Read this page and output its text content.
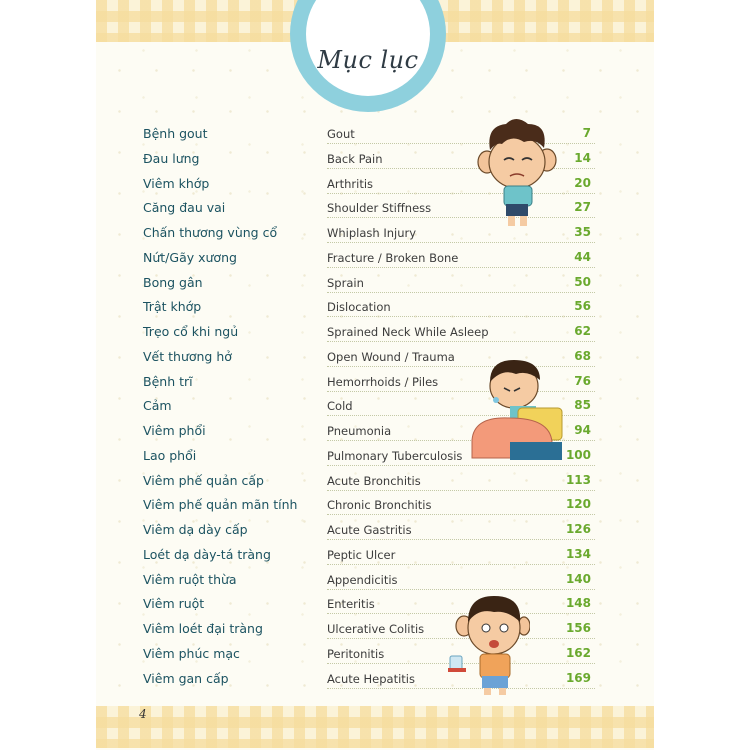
Mục lục
Bệnh gout	Gout	7
Đau lưng	Back Pain	14
Viêm khớp	Arthritis	20
Căng đau vai	Shoulder Stiffness	27
Chấn thương vùng cổ	Whiplash Injury	35
Nứt/Gãy xương	Fracture / Broken Bone	44
Bong gân	Sprain	50
Trật khớp	Dislocation	56
Trẹo cổ khi ngủ	Sprained Neck While Asleep	62
Vết thương hở	Open Wound / Trauma	68
Bệnh trĩ	Hemorrhoids / Piles	76
Cảm	Cold	85
Viêm phổi	Pneumonia	94
Lao phổi	Pulmonary Tuberculosis	100
Viêm phế quản cấp	Acute Bronchitis	113
Viêm phế quản mãn tính	Chronic Bronchitis	120
Viêm dạ dày cấp	Acute Gastritis	126
Loét dạ dày-tá tràng	Peptic Ulcer	134
Viêm ruột thừa	Appendicitis	140
Viêm ruột	Enteritis	148
Viêm loét đại tràng	Ulcerative Colitis	156
Viêm phúc mạc	Peritonitis	162
Viêm gan cấp	Acute Hepatitis	169
4
